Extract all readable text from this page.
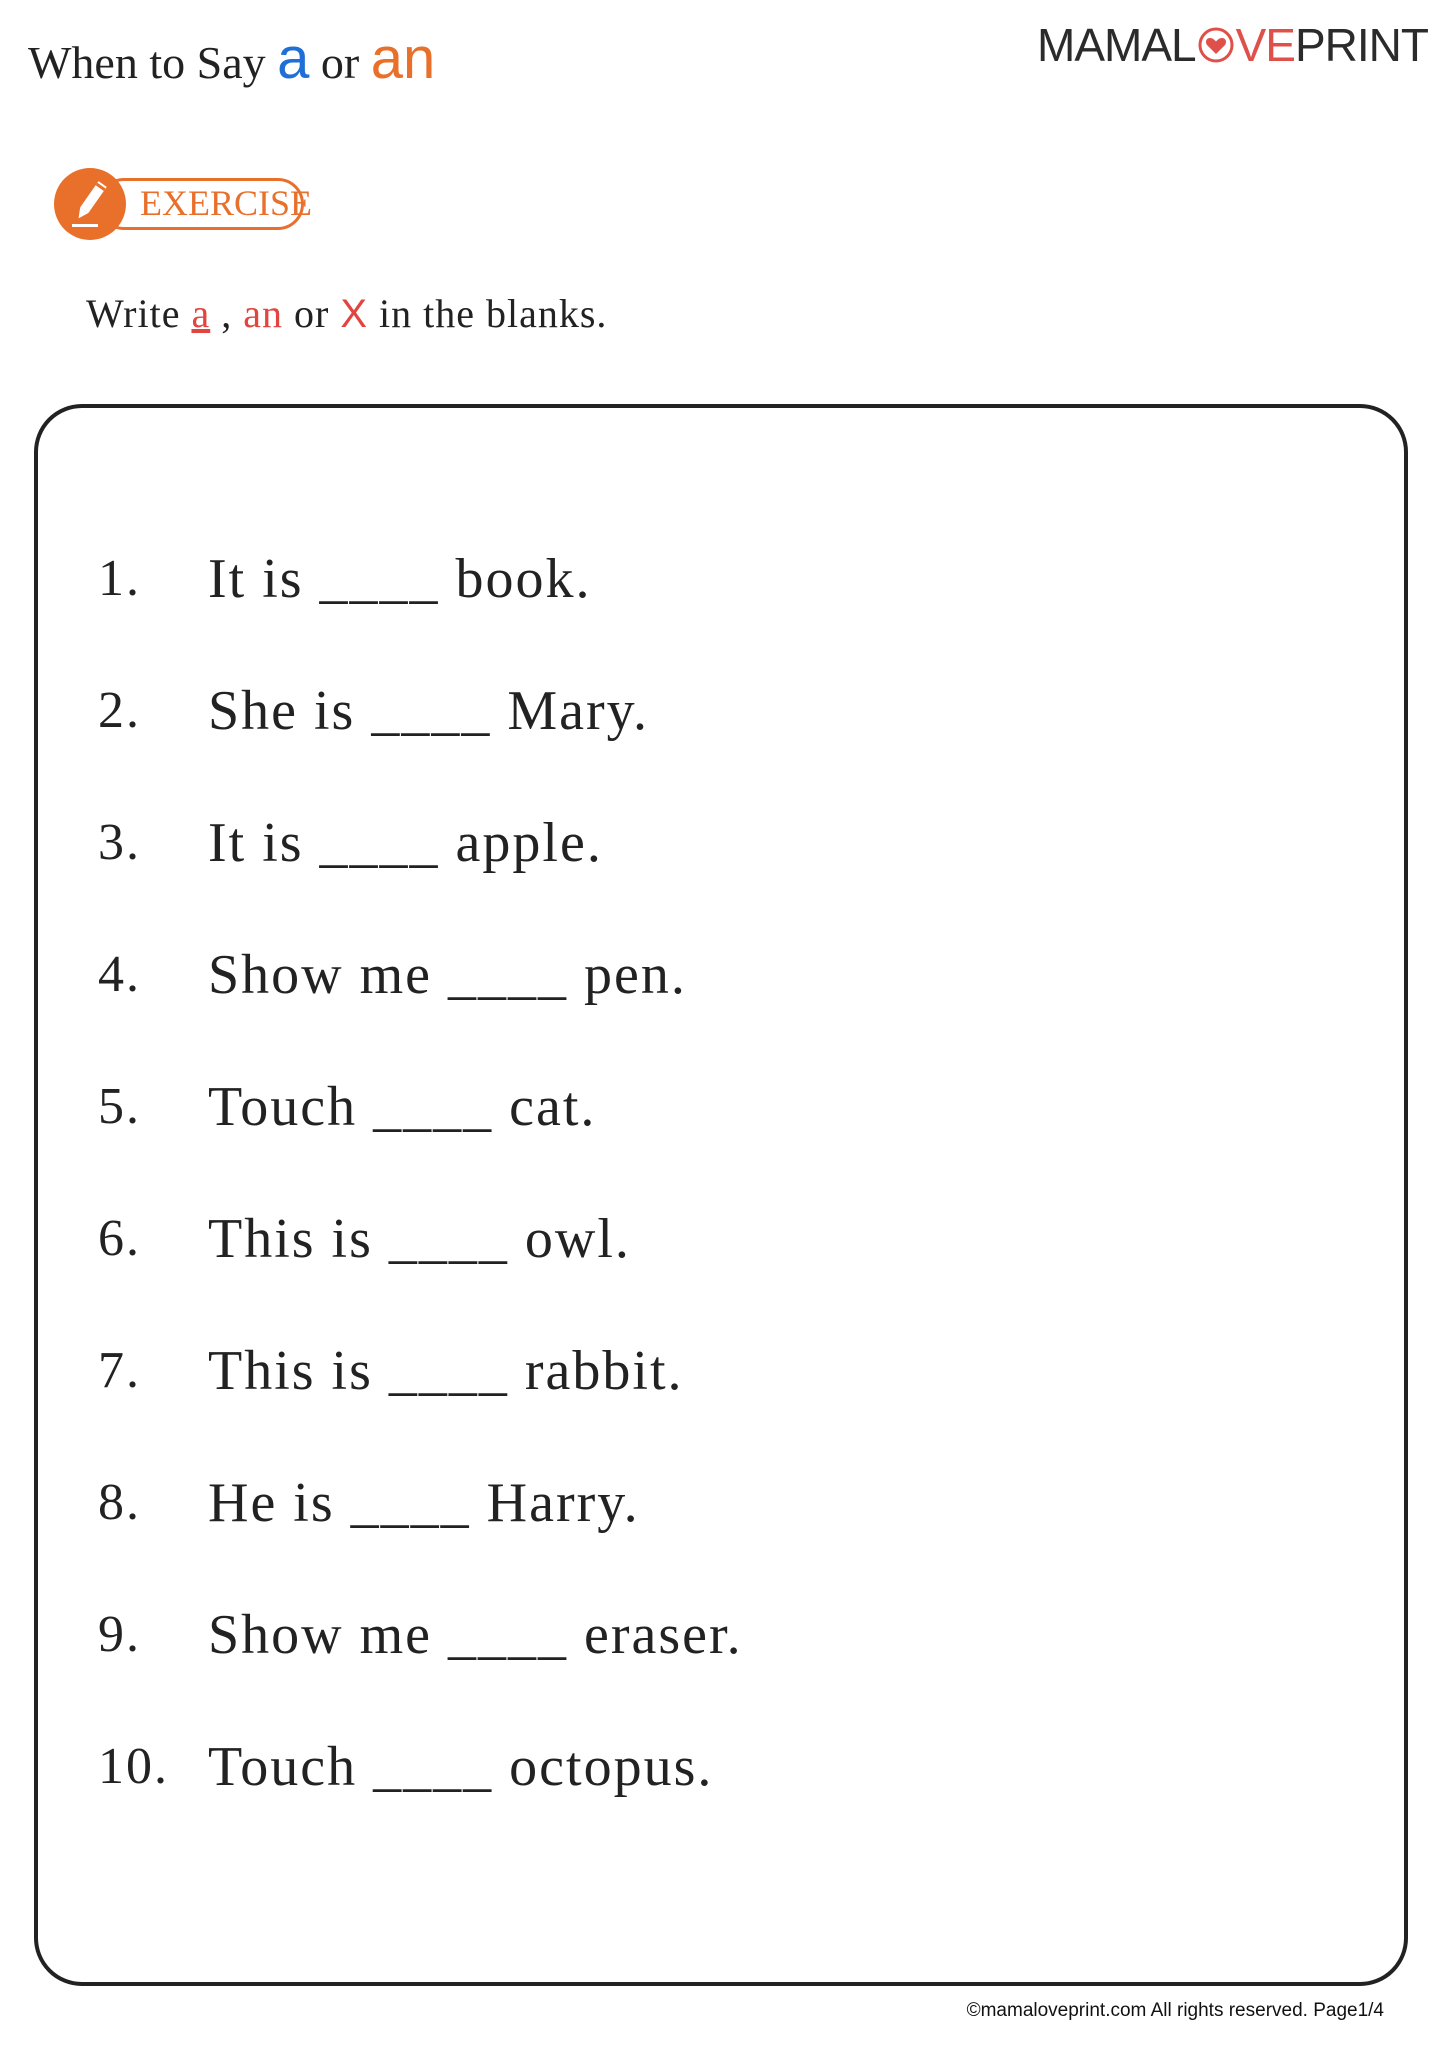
When to Say a or an	MAMAL VE PRINT
EXERCISE
Write a , an or X in the blanks.
1.	It is ____ book.
2.	She is ____ Mary.
3.	It is ____ apple.
4.	Show me ____ pen.
5.	Touch ____ cat.
6.	This is ____ owl.
7.	This is ____ rabbit.
8.	He is ____ Harry.
9.	Show me ____ eraser.
10. Touch ____ octopus.
©mamaloveprint.com All rights reserved. Page1/4
